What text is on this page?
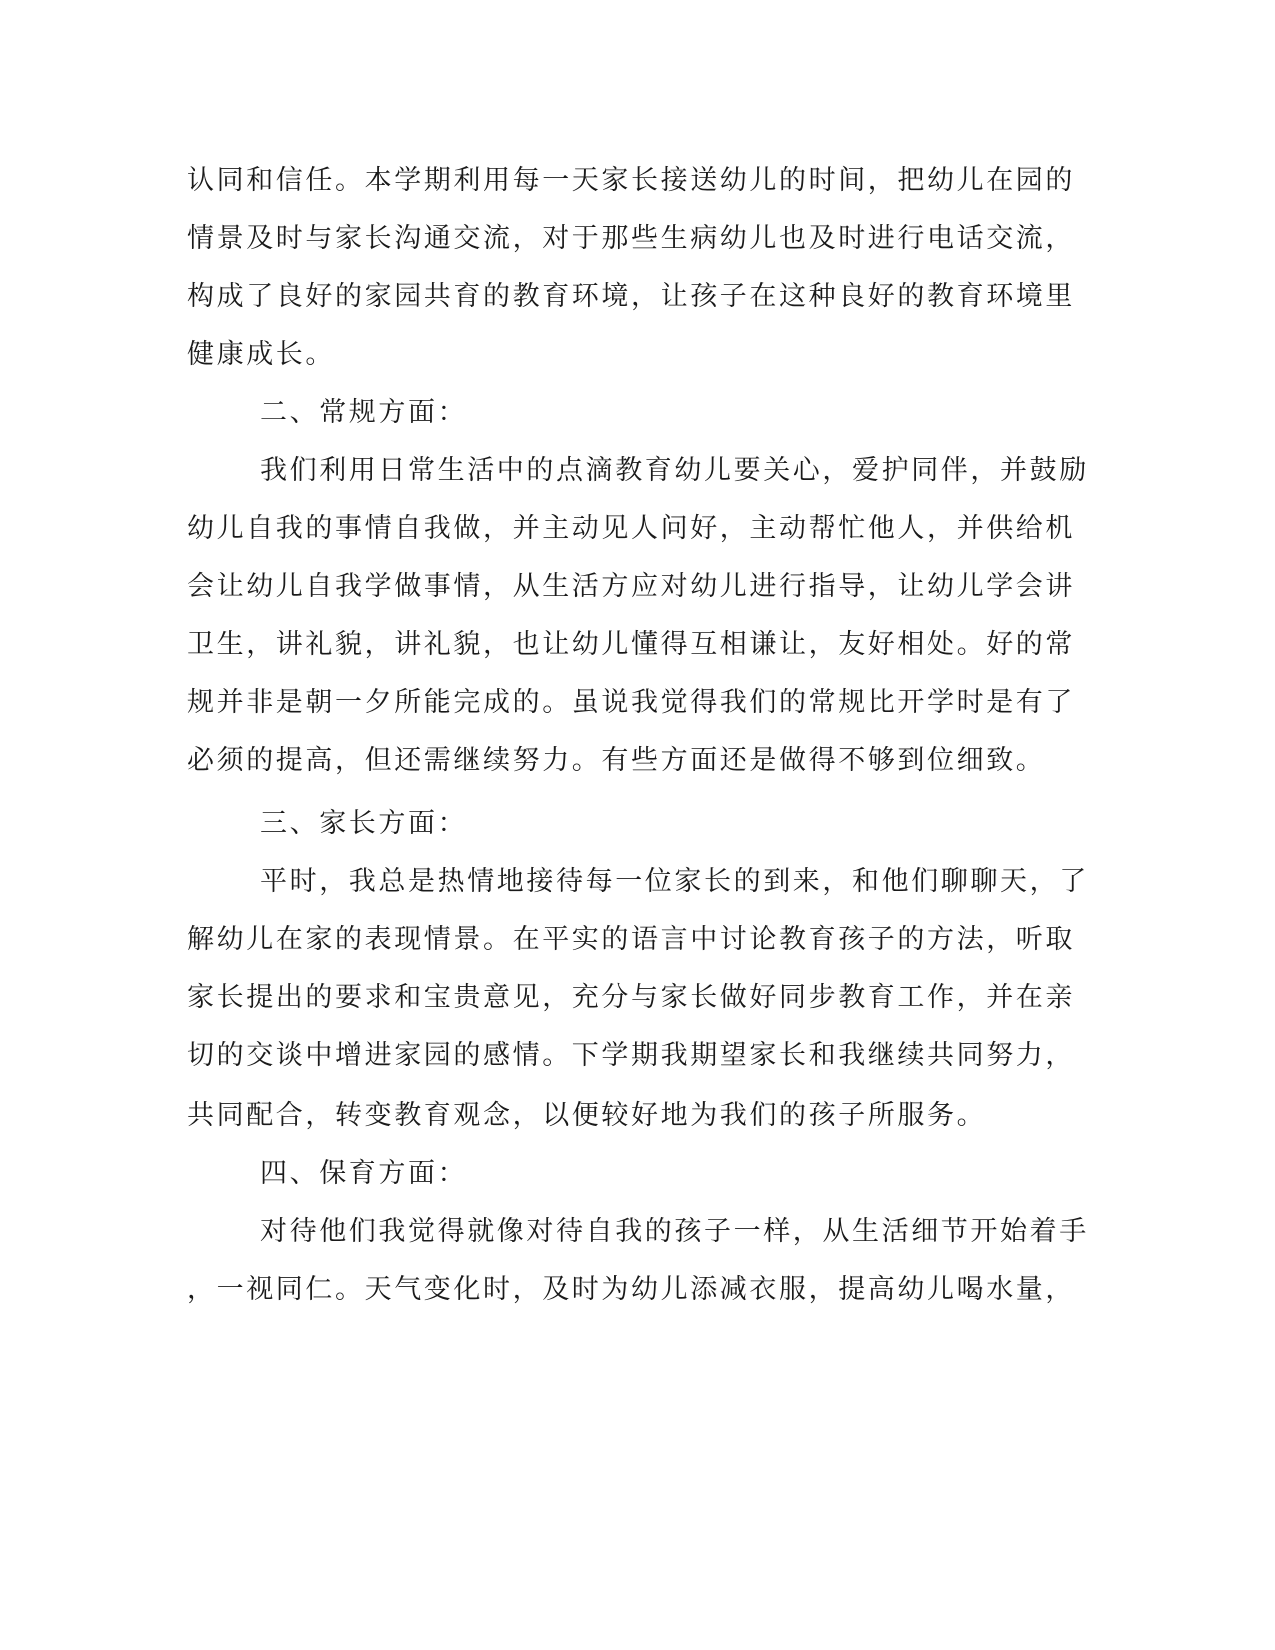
认同和信任。本学期利用每一天家长接送幼儿的时间，把幼儿在园的
情景及时与家长沟通交流，对于那些生病幼儿也及时进行电话交流，
构成了良好的家园共育的教育环境，让孩子在这种良好的教育环境里
健康成长。
二、常规方面：
我们利用日常生活中的点滴教育幼儿要关心，爱护同伴，并鼓励
幼儿自我的事情自我做，并主动见人问好，主动帮忙他人，并供给机
会让幼儿自我学做事情，从生活方应对幼儿进行指导，让幼儿学会讲
卫生，讲礼貌，讲礼貌，也让幼儿懂得互相谦让，友好相处。好的常
规并非是朝一夕所能完成的。虽说我觉得我们的常规比开学时是有了
必须的提高，但还需继续努力。有些方面还是做得不够到位细致。
三、家长方面：
平时，我总是热情地接待每一位家长的到来，和他们聊聊天，了
解幼儿在家的表现情景。在平实的语言中讨论教育孩子的方法，听取
家长提出的要求和宝贵意见，充分与家长做好同步教育工作，并在亲
切的交谈中增进家园的感情。下学期我期望家长和我继续共同努力，
共同配合，转变教育观念，以便较好地为我们的孩子所服务。
四、保育方面：
对待他们我觉得就像对待自我的孩子一样，从生活细节开始着手
，一视同仁。天气变化时，及时为幼儿添减衣服，提高幼儿喝水量，
